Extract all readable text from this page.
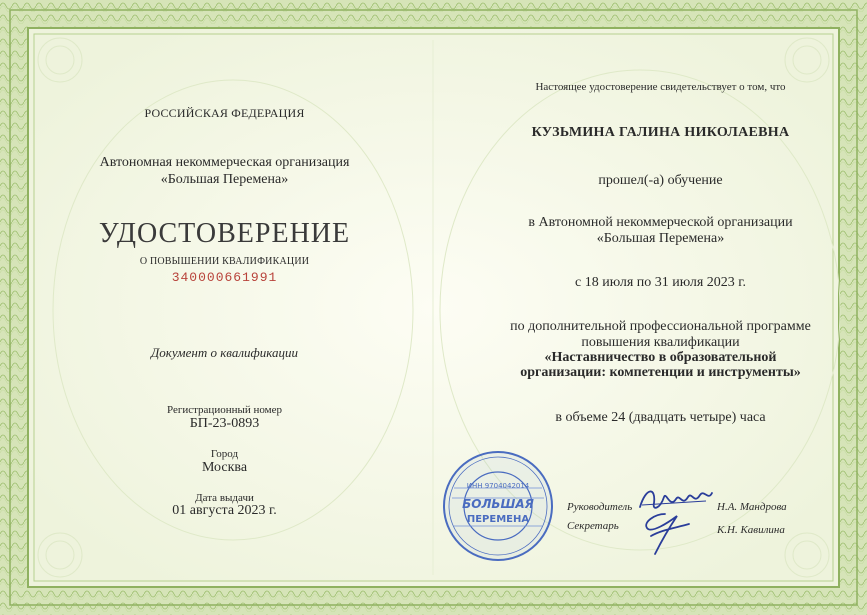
РОССИЙСКАЯ ФЕДЕРАЦИЯ
Автономная некоммерческая организация
«Большая Перемена»
УДОСТОВЕРЕНИЕ
О ПОВЫШЕНИИ КВАЛИФИКАЦИИ
340000661991
Документ о квалификации
Регистрационный номер
БП-23-0893
Город
Москва
Дата выдачи
01 августа 2023 г.
Настоящее удостоверение свидетельствует о том, что
КУЗЬМИНА ГАЛИНА НИКОЛАЕВНА
прошел(-а) обучение
в Автономной некоммерческой организации
«Большая Перемена»
с 18 июля по 31 июля 2023 г.
по дополнительной профессиональной программе
повышения квалификации
«Наставничество в образовательной
организации: компетенции и инструменты»
в объеме 24 (двадцать четыре) часа
ИНН 9704042014
БОЛЬШАЯ
ПЕРЕМЕНА
Руководитель
Секретарь
Н.А. Мандрова
К.Н. Кавилина
